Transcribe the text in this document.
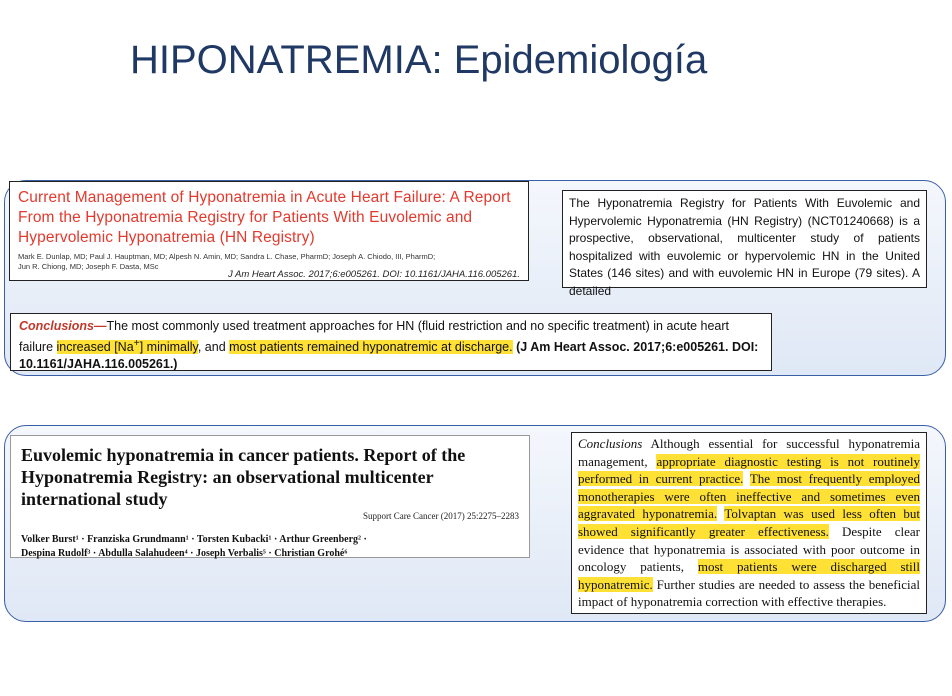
HIPONATREMIA: Epidemiología
Current Management of Hyponatremia in Acute Heart Failure: A Report From the Hyponatremia Registry for Patients With Euvolemic and Hypervolemic Hyponatremia (HN Registry)
Mark E. Dunlap, MD; Paul J. Hauptman, MD; Alpesh N. Amin, MD; Sandra L. Chase, PharmD; Joseph A. Chiodo, III, PharmD;
Jun R. Chiong, MD; Joseph F. Dasta, MSc
J Am Heart Assoc. 2017;6:e005261. DOI: 10.1161/JAHA.116.005261.
The Hyponatremia Registry for Patients With Euvolemic and Hypervolemic Hyponatremia (HN Registry) (NCT01240668) is a prospective, observational, multicenter study of patients hospitalized with euvolemic or hypervolemic HN in the United States (146 sites) and with euvolemic HN in Europe (79 sites). A detailed
Conclusions—The most commonly used treatment approaches for HN (fluid restriction and no specific treatment) in acute heart failure increased [Na+] minimally, and most patients remained hyponatremic at discharge. (J Am Heart Assoc. 2017;6:e005261. DOI: 10.1161/JAHA.116.005261.)
Euvolemic hyponatremia in cancer patients. Report of the Hyponatremia Registry: an observational multicenter international study
Support Care Cancer (2017) 25:2275–2283
Volker Burst¹ · Franziska Grundmann¹ · Torsten Kubacki¹ · Arthur Greenberg² ·
Despina Rudolf³ · Abdulla Salahudeen⁴ · Joseph Verbalis⁵ · Christian Grohé⁶
Conclusions Although essential for successful hyponatremia management, appropriate diagnostic testing is not routinely performed in current practice. The most frequently employed monotherapies were often ineffective and sometimes even aggravated hyponatremia. Tolvaptan was used less often but showed significantly greater effectiveness. Despite clear evidence that hyponatremia is associated with poor outcome in oncology patients, most patients were discharged still hyponatremic. Further studies are needed to assess the beneficial impact of hyponatremia correction with effective therapies.
